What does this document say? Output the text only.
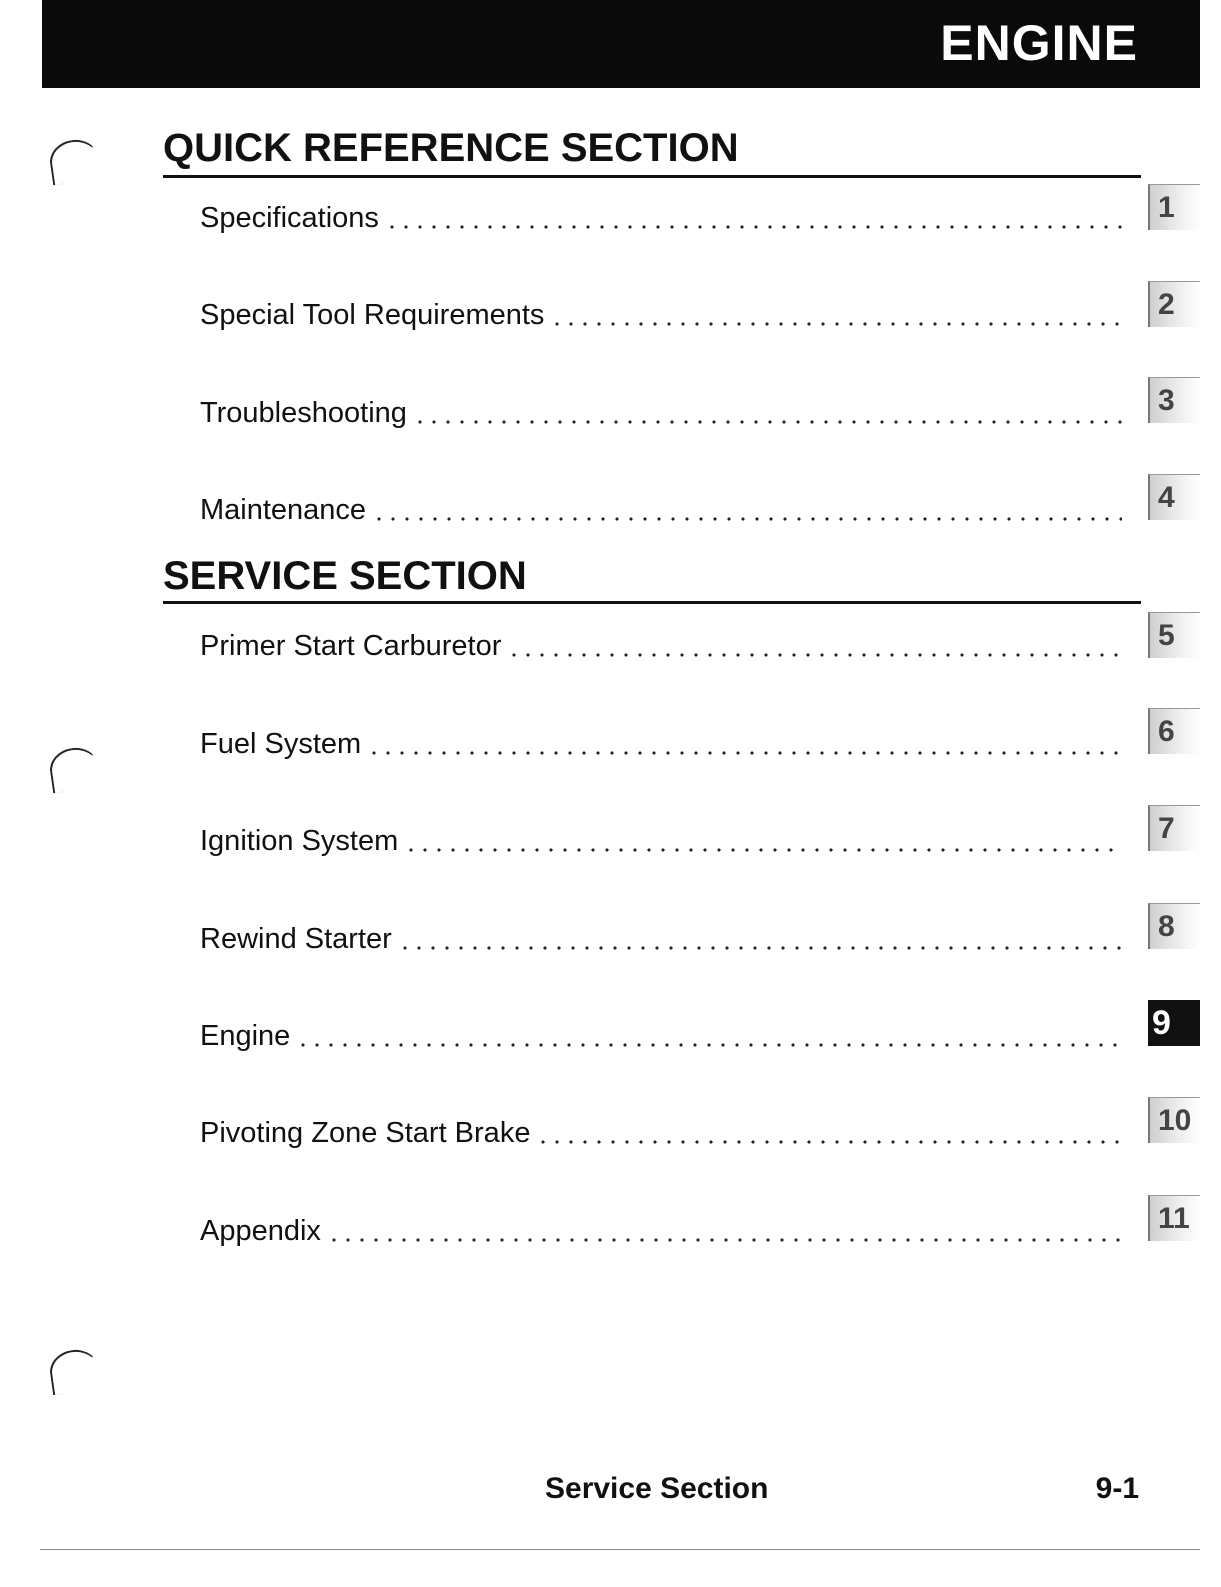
ENGINE
QUICK REFERENCE SECTION
Specifications	1
Special Tool Requirements	2
Troubleshooting	3
Maintenance	4
SERVICE SECTION
Primer Start Carburetor	5
Fuel System	6
Ignition System	7
Rewind Starter	8
Engine	9
Pivoting Zone Start Brake	10
Appendix	11
Service Section	9-1
